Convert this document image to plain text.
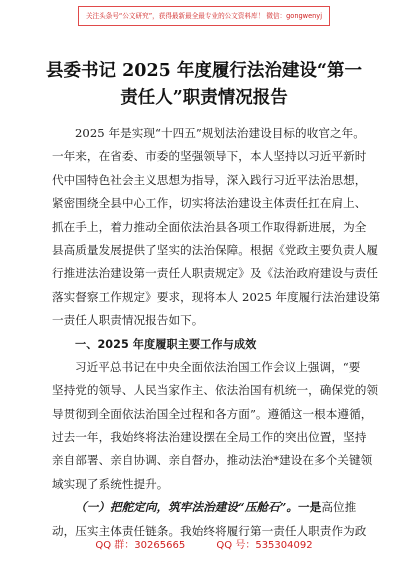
关注头条号“公文研究”，获得最新最全最专业的公文资料库！ 微信：gongwenyj
县委书记 2025 年度履行法治建设“第一
责任人”职责情况报告
2025 年是实现“十四五”规划法治建设目标的收官之年。
一年来，在省委、市委的坚强领导下，本人坚持以习近平新时
代中国特色社会主义思想为指导，深入践行习近平法治思想，
紧密围绕全县中心工作，切实将法治建设主体责任扛在肩上、
抓在手上，着力推动全面依法治县各项工作取得新进展，为全
县高质量发展提供了坚实的法治保障。根据《党政主要负责人履
行推进法治建设第一责任人职责规定》及《法治政府建设与责任
落实督察工作规定》要求，现将本人 2025 年度履行法治建设第
一责任人职责情况报告如下。
一、2025 年度履职主要工作与成效
习近平总书记在中央全面依法治国工作会议上强调，“要
坚持党的领导、人民当家作主、依法治国有机统一，确保党的领
导贯彻到全面依法治国全过程和各方面”。遵循这一根本遵循，
过去一年，我始终将法治建设摆在全局工作的突出位置，坚持
亲自部署、亲自协调、亲自督办，推动法治*建设在多个关键领
域实现了系统性提升。
（一）把舵定向，筑牢法治建设“压舱石”。一是高位推
动，压实主体责任链条。我始终将履行第一责任人职责作为政
QQ 群：30265665	QQ 号：535304092
